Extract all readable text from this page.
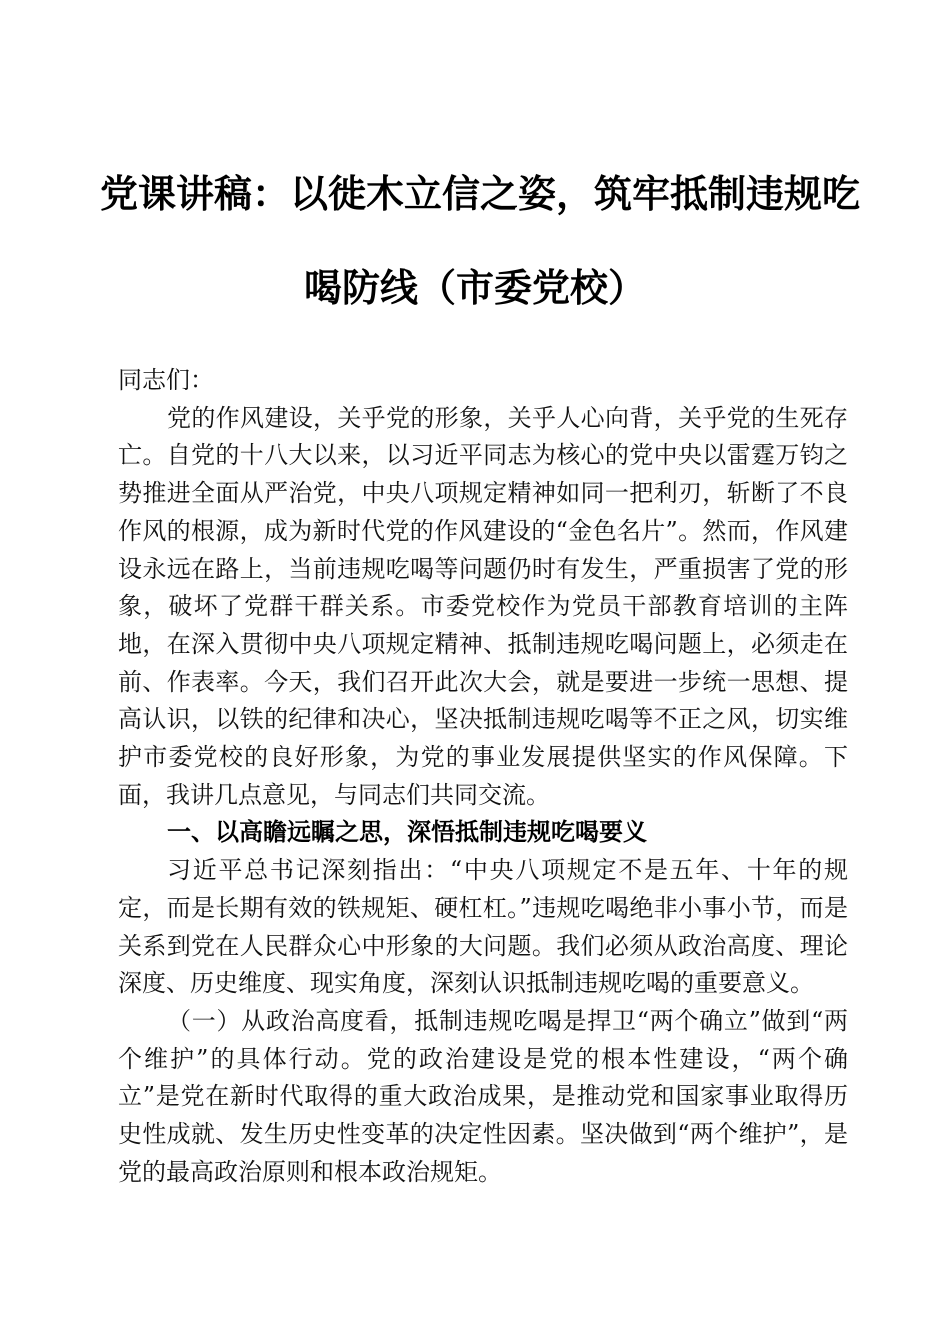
党课讲稿：以徙木立信之姿，筑牢抵制违规吃
喝防线（市委党校）

同志们：

党的作风建设，关乎党的形象，关乎人心向背，关乎党的生死存亡。自党的十八大以来，以习近平同志为核心的党中央以雷霆万钧之势推进全面从严治党，中央八项规定精神如同一把利刃，斩断了不良作风的根源，成为新时代党的作风建设的“金色名片”。然而，作风建设永远在路上，当前违规吃喝等问题仍时有发生，严重损害了党的形象，破坏了党群干群关系。市委党校作为党员干部教育培训的主阵地，在深入贯彻中央八项规定精神、抵制违规吃喝问题上，必须走在前、作表率。今天，我们召开此次大会，就是要进一步统一思想、提高认识，以铁的纪律和决心，坚决抵制违规吃喝等不正之风，切实维护市委党校的良好形象，为党的事业发展提供坚实的作风保障。下面，我讲几点意见，与同志们共同交流。

一、以高瞻远瞩之思，深悟抵制违规吃喝要义

习近平总书记深刻指出：“中央八项规定不是五年、十年的规定，而是长期有效的铁规矩、硬杠杠。”违规吃喝绝非小事小节，而是关系到党在人民群众心中形象的大问题。我们必须从政治高度、理论深度、历史维度、现实角度，深刻认识抵制违规吃喝的重要意义。

（一）从政治高度看，抵制违规吃喝是捍卫“两个确立”做到“两个维护”的具体行动。党的政治建设是党的根本性建设，“两个确立”是党在新时代取得的重大政治成果，是推动党和国家事业取得历史性成就、发生历史性变革的决定性因素。坚决做到“两个维护”，是党的最高政治原则和根本政治规矩。
